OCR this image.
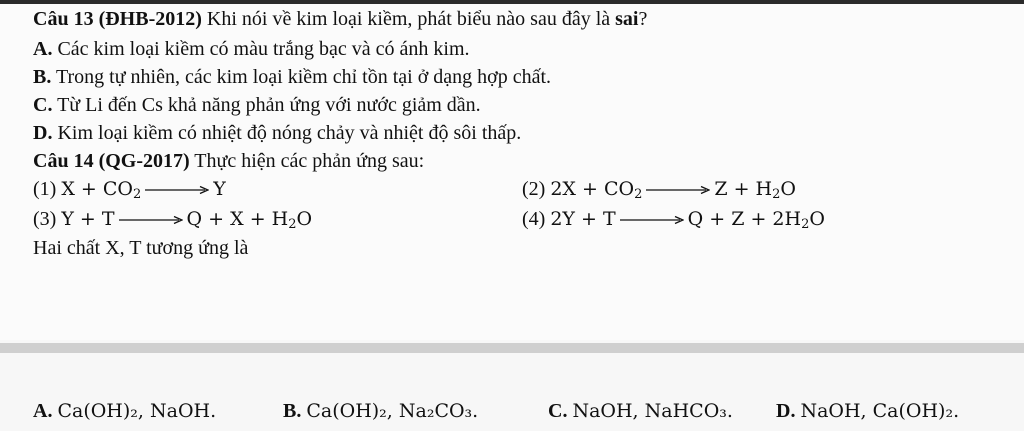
Câu 13 (ĐHB-2012) Khi nói về kim loại kiềm, phát biểu nào sau đây là sai?
A. Các kim loại kiềm có màu trắng bạc và có ánh kim.
B. Trong tự nhiên, các kim loại kiềm chỉ tồn tại ở dạng hợp chất.
C. Từ Li đến Cs khả năng phản ứng với nước giảm dần.
D. Kim loại kiềm có nhiệt độ nóng chảy và nhiệt độ sôi thấp.
Câu 14 (QG-2017) Thực hiện các phản ứng sau:
(1) $X + CO_2$	Y	(2) $2X + CO_2$	$Z + H_2O$
(3) Y + T	$Q + X + H_2O$	(4) 2Y + T	$Q + Z + 2H_2O$
Hai chất X, T tương ứng là
A. Ca(OH)₂, NaOH.	B. Ca(OH)₂, Na₂CO₃.	C. NaOH, NaHCO₃. D. NaOH, Ca(OH)₂.
